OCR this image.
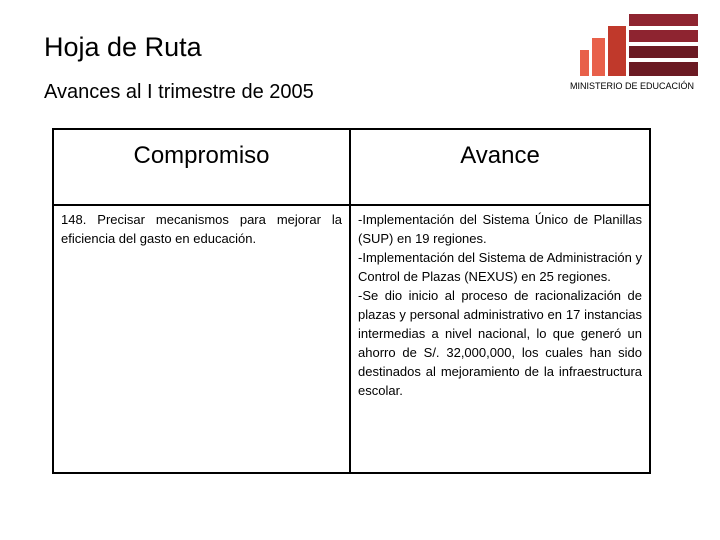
Hoja de Ruta
Avances al I trimestre de 2005	MINISTERIO DE EDUCACIÓN
Compromiso	Avance

148. Precisar mecanismos para mejorar la eficiencia del gasto en educación.	-Implementación del Sistema Único de Planillas (SUP) en 19 regiones.

-Implementación del Sistema de Administración y Control de Plazas (NEXUS) en 25 regiones.

-Se dio inicio al proceso de racionalización de plazas y personal administrativo en 17 instancias intermedias a nivel nacional, lo que generó un ahorro de S/. 32,000,000, los cuales han sido destinados al mejoramiento de la infraestructura escolar.
